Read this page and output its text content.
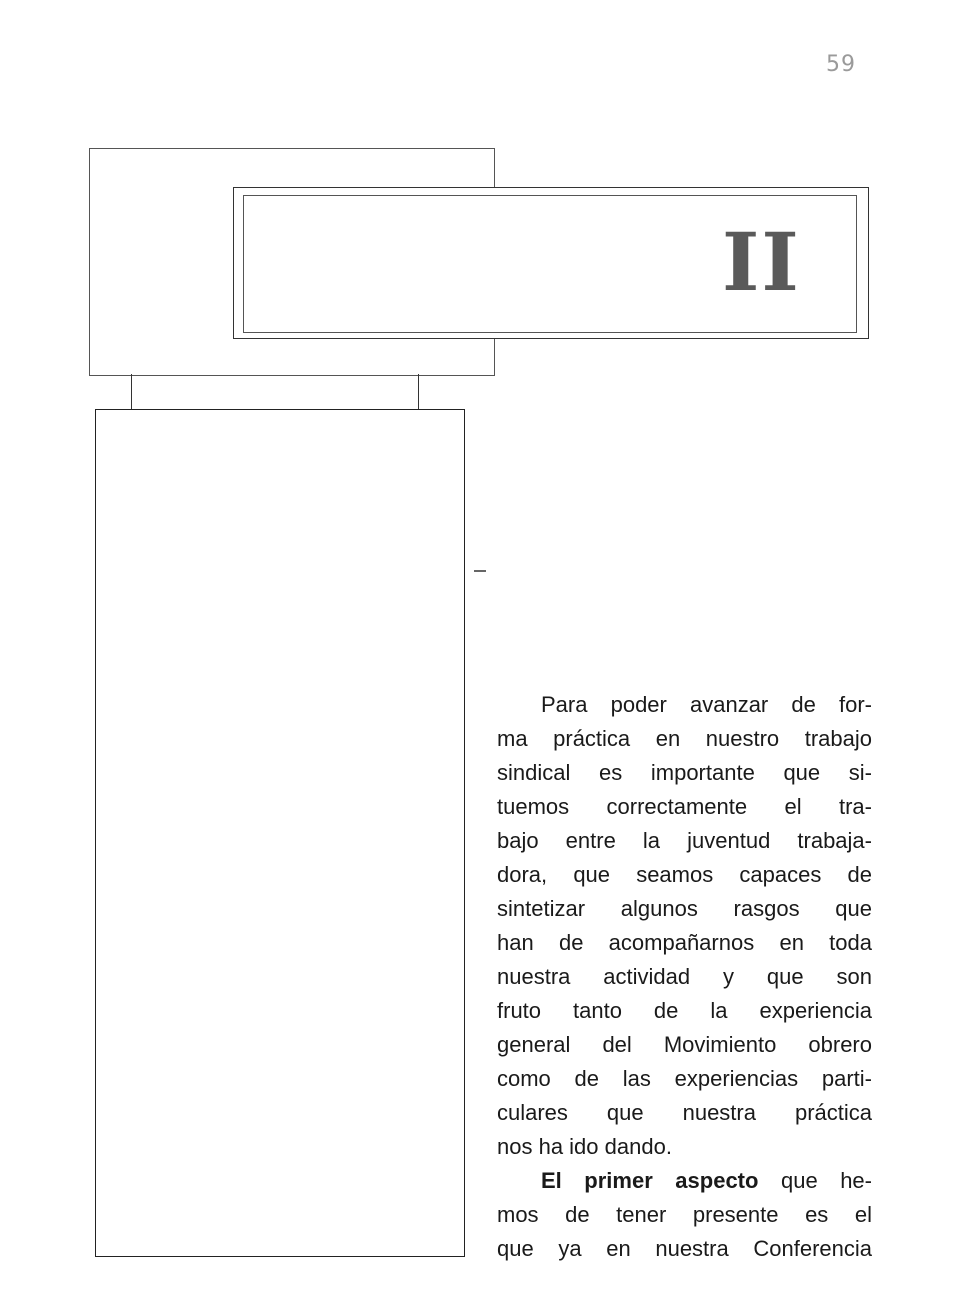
59
II
Para poder avanzar de for-
ma práctica en nuestro trabajo
sindical es importante que si-
tuemos correctamente el tra-
bajo entre la juventud trabaja-
dora, que seamos capaces de
sintetizar algunos rasgos que
han de acompañarnos en toda
nuestra actividad y que son
fruto tanto de la experiencia
general del Movimiento obrero
como de las experiencias parti-
culares que nuestra práctica
nos ha ido dando.
El primer aspecto que he-
mos de tener presente es el
que ya en nuestra Conferencia
